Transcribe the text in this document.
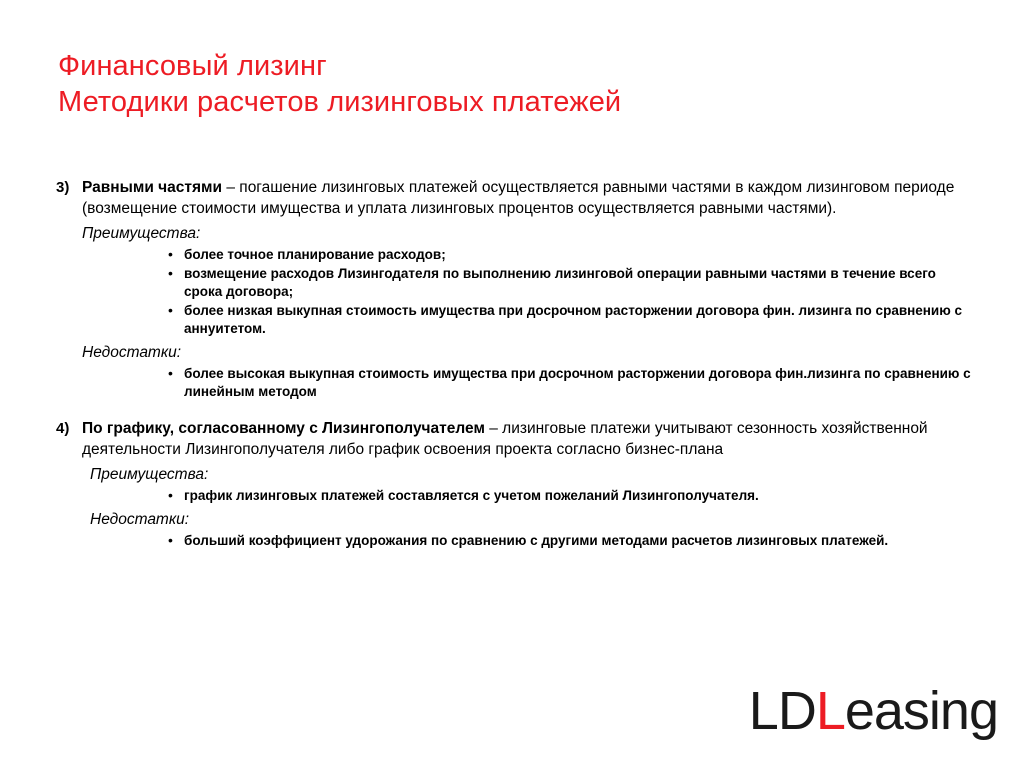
Финансовый лизинг
Методики расчетов лизинговых платежей
3) Равными частями – погашение лизинговых платежей осуществляется равными частями в каждом лизинговом периоде (возмещение стоимости имущества и уплата лизинговых процентов осуществляется равными частями).
Преимущества:
• более точное планирование расходов;
• возмещение расходов Лизингодателя по выполнению лизинговой операции равными частями в течение всего срока договора;
• более низкая выкупная стоимость имущества при досрочном расторжении договора фин. лизинга по сравнению с аннуитетом.
Недостатки:
• более высокая выкупная стоимость имущества при досрочном расторжении договора фин.лизинга по сравнению с линейным методом
4) По графику, согласованному с Лизингополучателем – лизинговые платежи учитывают сезонность хозяйственной деятельности Лизингополучателя либо график освоения проекта согласно бизнес-плана
Преимущества:
• график лизинговых платежей составляется с учетом пожеланий Лизингополучателя.
Недостатки:
• больший коэффициент удорожания по сравнению с другими методами расчетов лизинговых платежей.
LDLeasing
